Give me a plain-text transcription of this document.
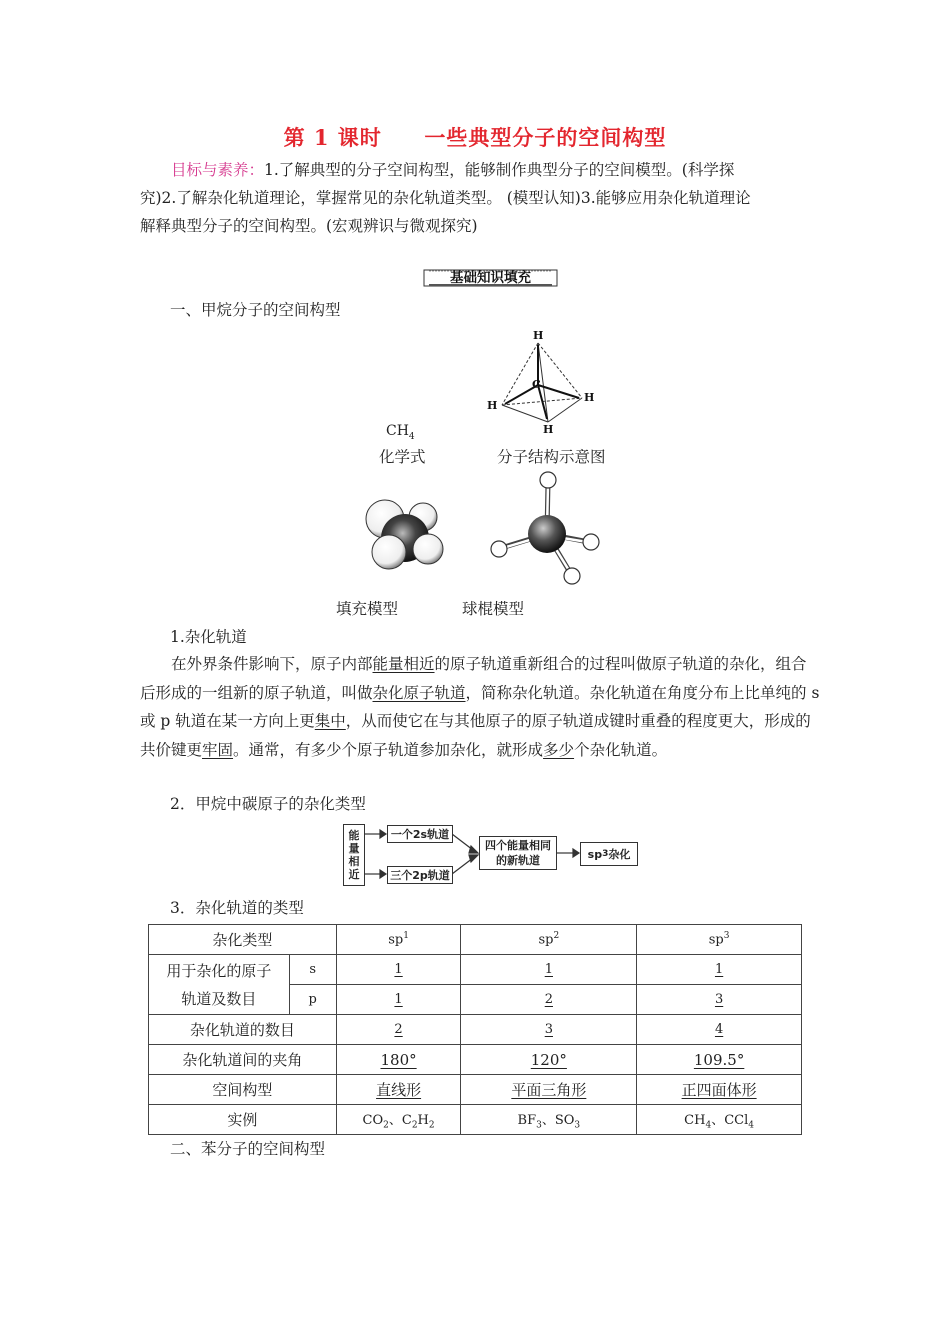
第 1 课时 一些典型分子的空间构型
目标与素养：1.了解典型的分子空间构型，能够制作典型分子的空间模型。(科学探
究)2.了解杂化轨道理论，掌握常见的杂化轨道类型。 (模型认知)3.能够应用杂化轨道理论
解释典型分子的空间构型。(宏观辨识与微观探究)
基础知识填充
一、甲烷分子的空间构型
H
C
H
H
H
$CH_4$
化学式	分子结构示意图
填充模型	球棍模型
1.杂化轨道

在外界条件影响下，原子内部能量相近的原子轨道重新组合的过程叫做原子轨道的杂化，组合后形成的一组新的原子轨道，叫做杂化原子轨道，简称杂化轨道。杂化轨道在角度分布上比单纯的 s 或 p 轨道在某一方向上更集中，从而使它在与其他原子的原子轨道成键时重叠的程度更大，形成的共价键更牢固。通常，有多少个原子轨道参加杂化，就形成多少个杂化轨道。

2．甲烷中碳原子的杂化类型
能
量
相
近
一个2s轨道
三个2p轨道
四个能量相同
的新轨道	sp 3 杂化
3．杂化轨道的类型
杂化类型		$sp^1$	$sp^2$	$sp^3$

用于杂化的原子
轨道及数目	s	1	1	1
	p	1	2	3
杂化轨道的数目		2	3	4
杂化轨道间的夹角		180°	120°	109.5°
空间构型		直线形	平面三角形	正四面体形
实例		$CO_2$、$C_2H_2$	$BF_3$、$SO_3$	$CH_4$、CCl$_4$
二、苯分子的空间构型
